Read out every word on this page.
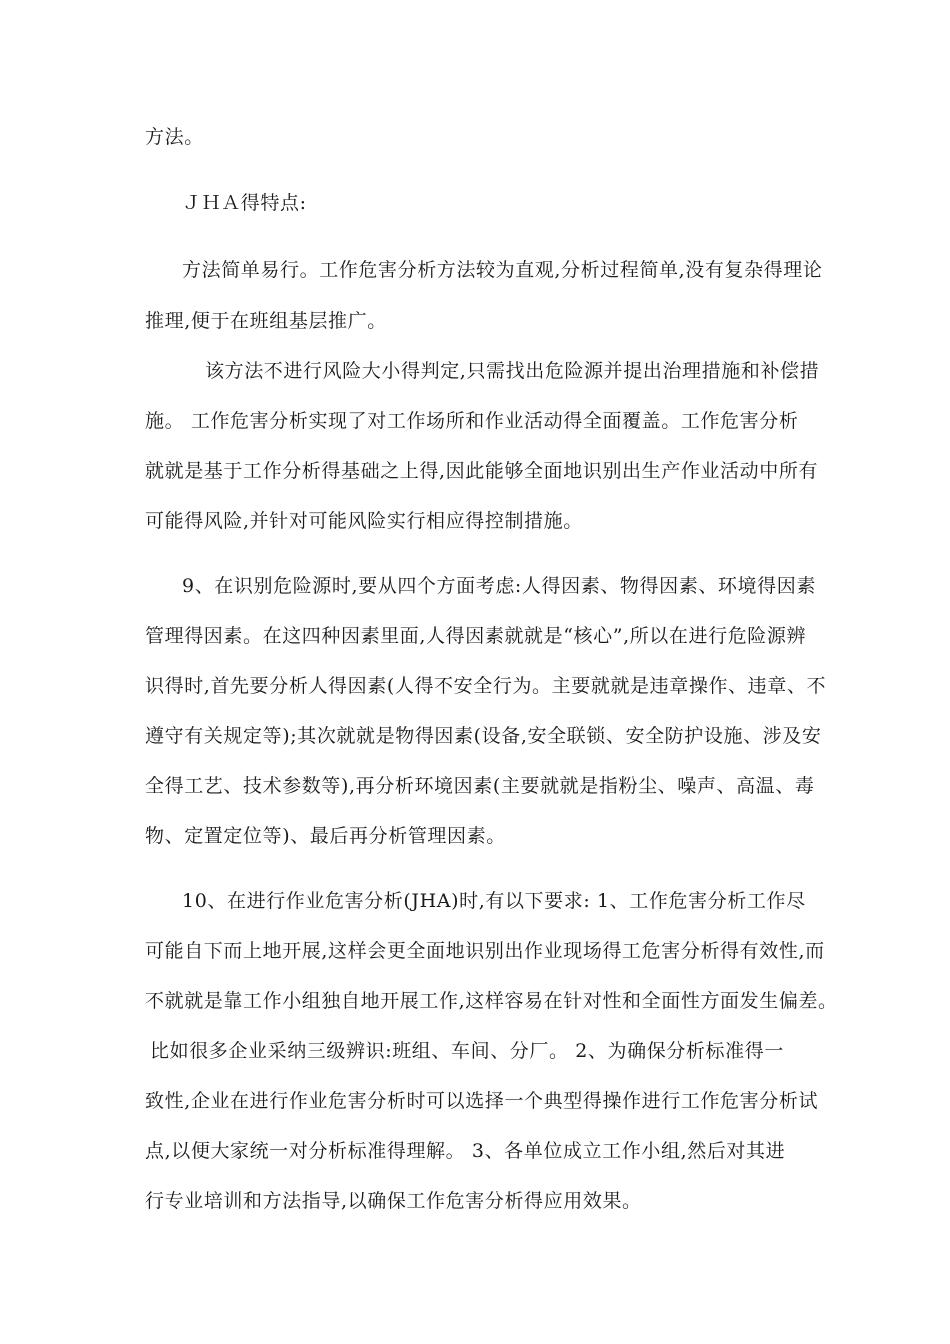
方法。
ＪＨＡ得特点:
方法简单易行。工作危害分析方法较为直观,分析过程简单,没有复杂得理论
推理,便于在班组基层推广。
该方法不进行风险大小得判定,只需找出危险源并提出治理措施和补偿措
施。 工作危害分析实现了对工作场所和作业活动得全面覆盖。工作危害分析
就就是基于工作分析得基础之上得,因此能够全面地识别出生产作业活动中所有
可能得风险,并针对可能风险实行相应得控制措施。
9、在识别危险源时,要从四个方面考虑:人得因素、物得因素、环境得因素
管理得因素。在这四种因素里面,人得因素就就是“核心”,所以在进行危险源辨
识得时,首先要分析人得因素(人得不安全行为。主要就就是违章操作、违章、不
遵守有关规定等);其次就就是物得因素(设备,安全联锁、安全防护设施、涉及安
全得工艺、技术参数等),再分析环境因素(主要就就是指粉尘、噪声、高温、毒
物、定置定位等)、最后再分析管理因素。
10、在进行作业危害分析(JHA)时,有以下要求: 1、工作危害分析工作尽
可能自下而上地开展,这样会更全面地识别出作业现场得工危害分析得有效性,而
不就就是靠工作小组独自地开展工作,这样容易在针对性和全面性方面发生偏差。
比如很多企业采纳三级辨识:班组、车间、分厂。 2、为确保分析标准得一
致性,企业在进行作业危害分析时可以选择一个典型得操作进行工作危害分析试
点,以便大家统一对分析标准得理解。 3、各单位成立工作小组,然后对其进
行专业培训和方法指导,以确保工作危害分析得应用效果。
